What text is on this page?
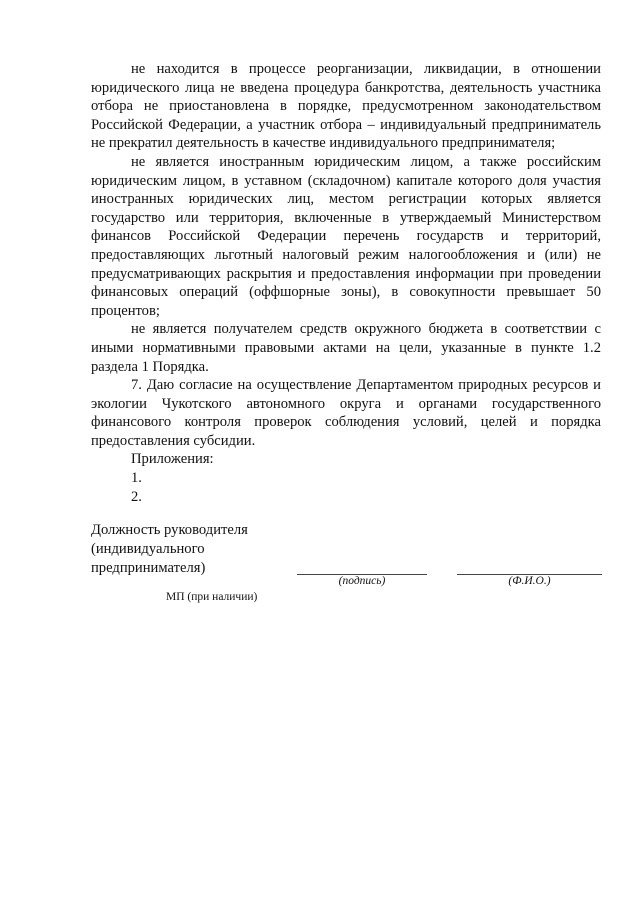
не находится в процессе реорганизации, ликвидации, в отношении юридического лица не введена процедура банкротства, деятельность участника отбора не приостановлена в порядке, предусмотренном законодательством Российской Федерации, а участник отбора – индивидуальный предприниматель не прекратил деятельность в качестве индивидуального предпринимателя;

не является иностранным юридическим лицом, а также российским юридическим лицом, в уставном (складочном) капитале которого доля участия иностранных юридических лиц, местом регистрации которых является государство или территория, включенные в утверждаемый Министерством финансов Российской Федерации перечень государств и территорий, предоставляющих льготный налоговый режим налогообложения и (или) не предусматривающих раскрытия и предоставления информации при проведении финансовых операций (оффшорные зоны), в совокупности превышает 50 процентов;

не является получателем средств окружного бюджета в соответствии с иными нормативными правовыми актами на цели, указанные в пункте 1.2 раздела 1 Порядка.

7. Даю согласие на осуществление Департаментом природных ресурсов и экологии Чукотского автономного округа и органами государственного финансового контроля проверок соблюдения условий, целей и порядка предоставления субсидии.

Приложения:

1.

2.

Должность руководителя
(индивидуального
предпринимателя)
(подпись)	(Ф.И.О.)
МП (при наличии)
